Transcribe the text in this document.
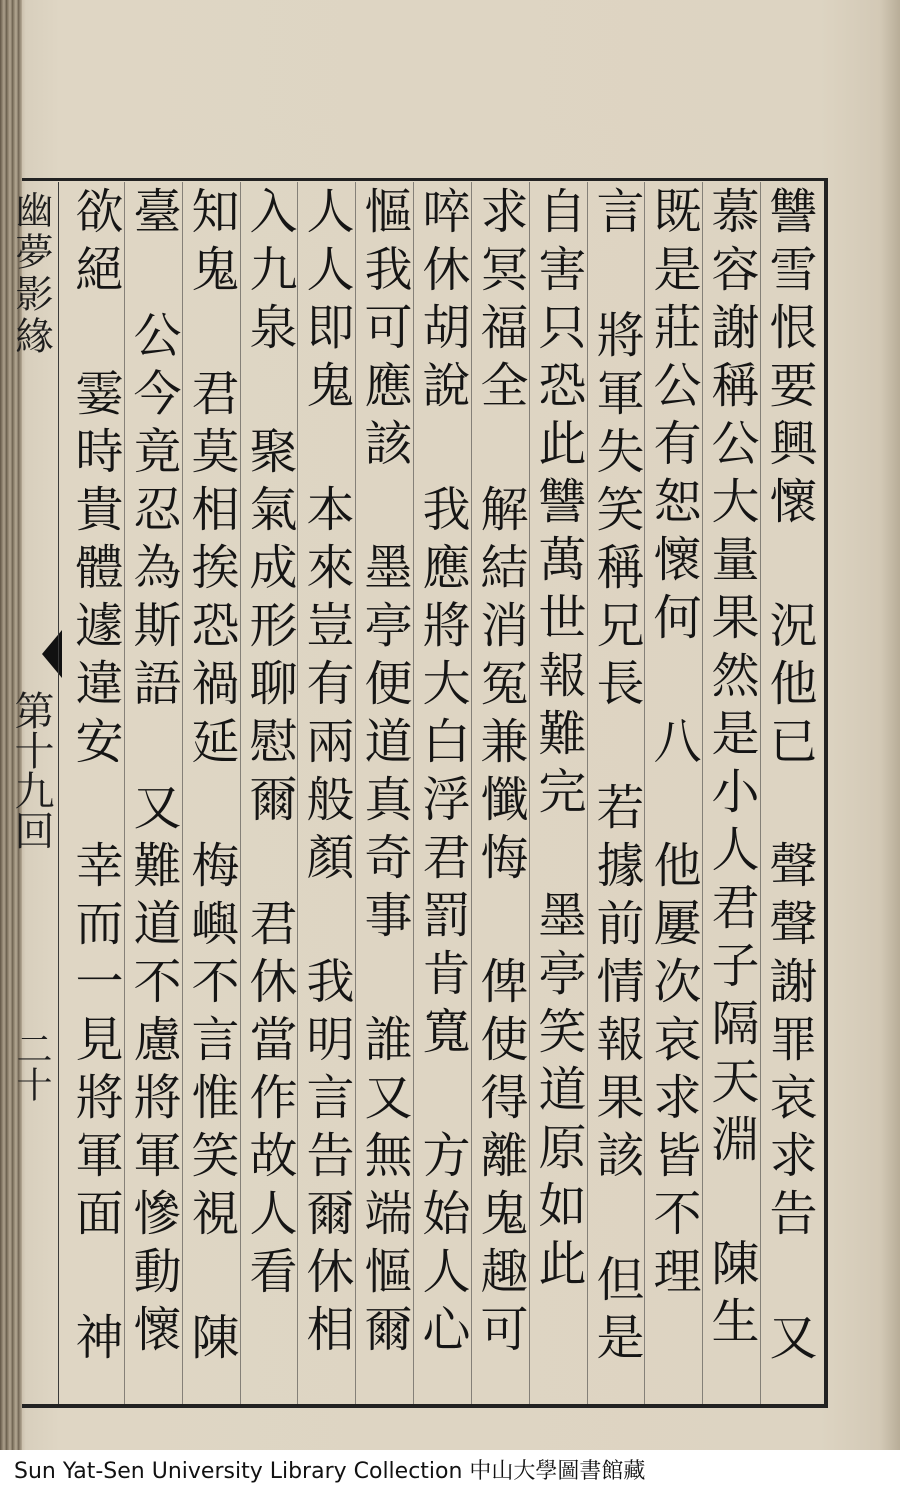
幽夢影緣
第十九回
二十
讐雪恨要興懷 況他已 聲聲謝罪哀求告 又
慕容謝稱公大量果然是小人君子隔天淵 陳生
既是莊公有恕懷何 八 他屢次哀求皆不理
言 將軍失笑稱兄長 若據前情報果該 但是
自害只恐此讐萬世報難完 墨亭笑道原如此
求冥福全 解結消冤兼懺悔 俾使得離鬼趣可
啐休胡說 我應將大白浮君罰肯寬 方始人心
慪我可應該 墨亭便道真奇事 誰又無端慪爾
人人即鬼 本來豈有兩般顏 我明言告爾休相
入九泉 聚氣成形聊慰爾 君休當作故人看
知鬼 君莫相挨恐禍延 梅嶼不言惟笑視 陳
臺 公今竟忍為斯語 又難道不慮將軍慘動懷
欲絕 霎時貴體遽違安 幸而一見將軍面 神
Sun Yat-Sen University Library Collection 中山大學圖書館藏
